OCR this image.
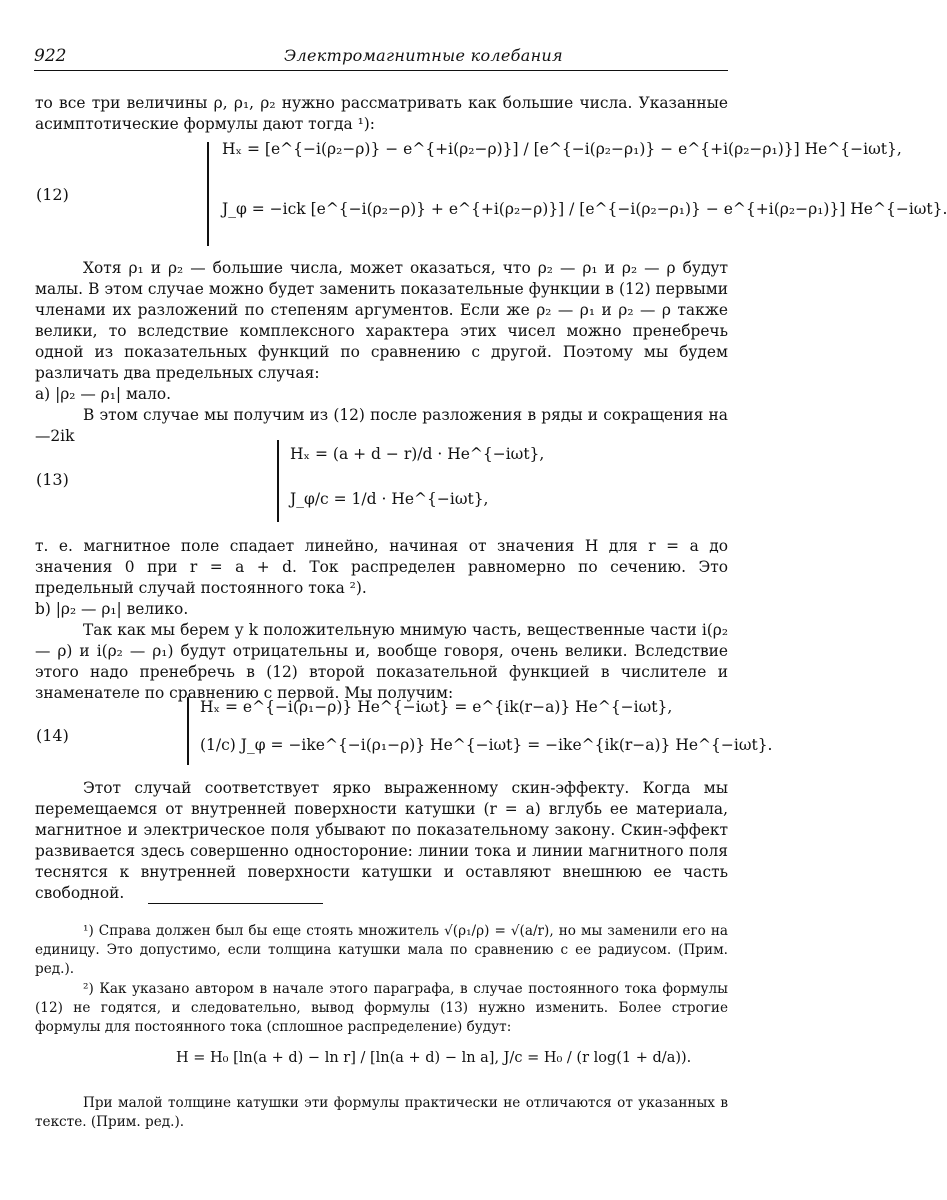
922	Электромагнитные колебания

то все три величины ρ, ρ₁, ρ₂ нужно рассматривать как большие числа. Указанные асимптотические формулы дают тогда ¹):

(12)
Hₓ = [e^{−i(ρ₂−ρ)} − e^{+i(ρ₂−ρ)}] / [e^{−i(ρ₂−ρ₁)} − e^{+i(ρ₂−ρ₁)}] He^{−iωt},
J_φ = −ick [e^{−i(ρ₂−ρ)} + e^{+i(ρ₂−ρ)}] / [e^{−i(ρ₂−ρ₁)} − e^{+i(ρ₂−ρ₁)}] He^{−iωt}.

Хотя ρ₁ и ρ₂ — большие числа, может оказаться, что ρ₂ — ρ₁ и ρ₂ — ρ будут малы. В этом случае можно будет заменить показательные функции в (12) первыми членами их разложений по степеням аргументов. Если же ρ₂ — ρ₁ и ρ₂ — ρ также велики, то вследствие комплексного характера этих чисел можно пренебречь одной из показательных функций по сравнению с другой. Поэтому мы будем различать два предельных случая:

a) |ρ₂ — ρ₁| мало.

В этом случае мы получим из (12) после разложения в ряды и сокращения на —2ik

(13)
Hₓ = (a + d − r)/d · He^{−iωt},
J_φ/c = 1/d · He^{−iωt},

т. е. магнитное поле спадает линейно, начиная от значения H для r = a до значения 0 при r = a + d. Ток распределен равномерно по сечению. Это предельный случай постоянного тока ²).

b) |ρ₂ — ρ₁| велико.

Так как мы берем у k положительную мнимую часть, вещественные части i(ρ₂ — ρ) и i(ρ₂ — ρ₁) будут отрицательны и, вообще говоря, очень велики. Вследствие этого надо пренебречь в (12) второй показательной функцией в числителе и знаменателе по сравнению с первой. Мы получим:

(14)
Hₓ = e^{−i(ρ₁−ρ)} He^{−iωt} = e^{ik(r−a)} He^{−iωt},
(1/c) J_φ = −ike^{−i(ρ₁−ρ)} He^{−iωt} = −ike^{ik(r−a)} He^{−iωt}.

Этот случай соответствует ярко выраженному скин-эффекту. Когда мы перемещаемся от внутренней поверхности катушки (r = a) вглубь ее материала, магнитное и электрическое поля убывают по показательному закону. Скин-эффект развивается здесь совершенно одностороние: линии тока и линии магнитного поля теснятся к внутренней поверхности катушки и оставляют внешнюю ее часть свободной.

¹) Справа должен был бы еще стоять множитель √(ρ₁/ρ) = √(a/r), но мы заменили его на единицу. Это допустимо, если толщина катушки мала по сравнению с ее радиусом. (Прим. ред.).

²) Как указано автором в начале этого параграфа, в случае постоянного тока формулы (12) не годятся, и следовательно, вывод формулы (13) нужно изменить. Более строгие формулы для постоянного тока (сплошное распределение) будут:

H = H₀ [ln(a + d) − ln r] / [ln(a + d) − ln a], J/c = H₀ / (r log(1 + d/a)).

При малой толщине катушки эти формулы практически не отличаются от указанных в тексте. (Прим. ред.).
